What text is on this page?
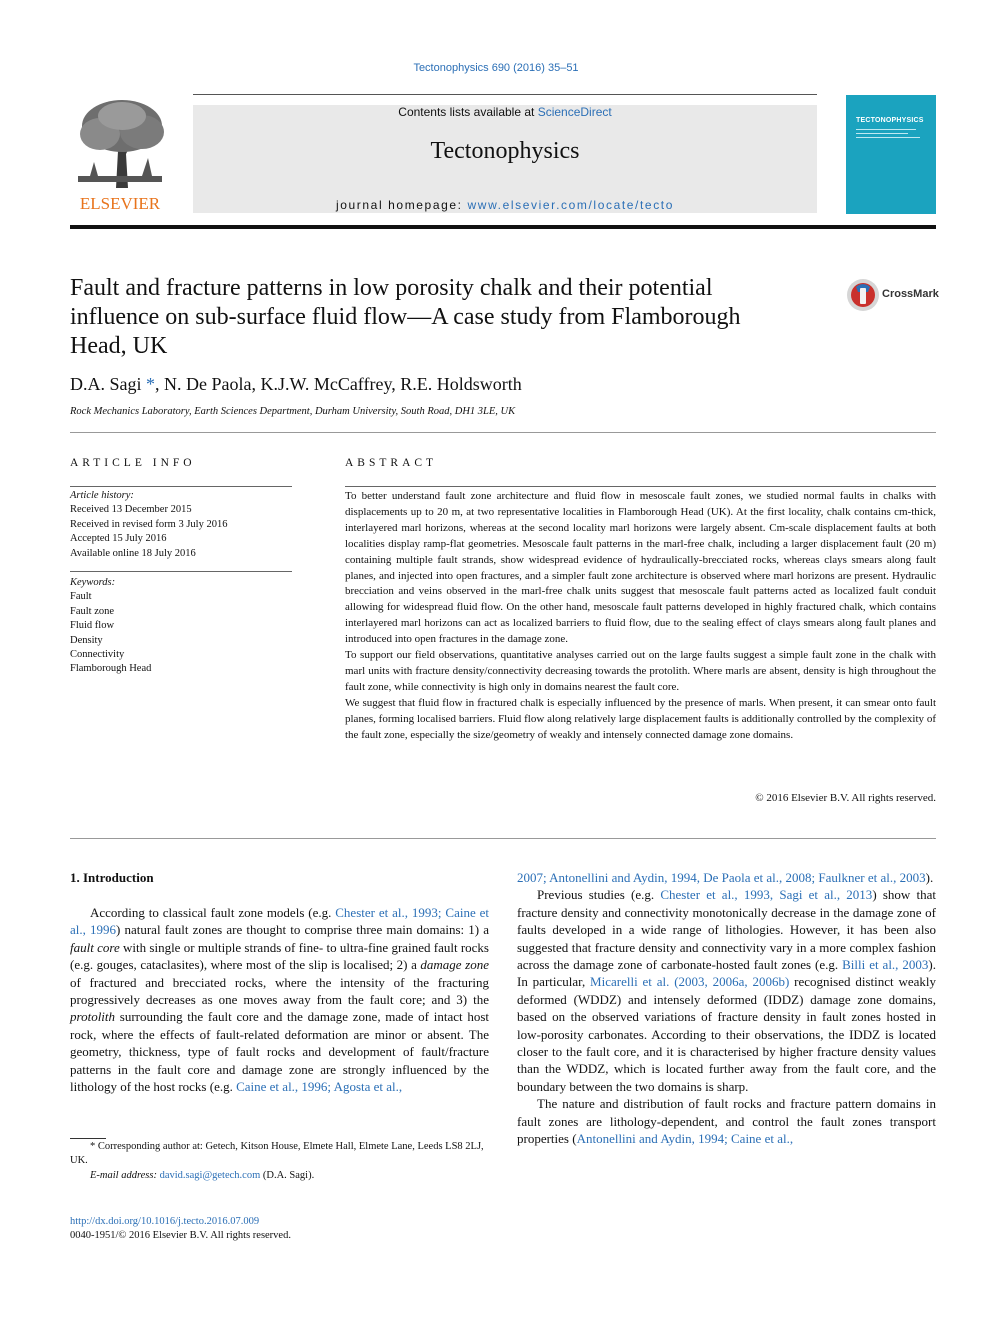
Tectonophysics 690 (2016) 35–51
ELSEVIER
Contents lists available at ScienceDirect
Tectonophysics
journal homepage: www.elsevier.com/locate/tecto
TECTONOPHYSICS
Fault and fracture patterns in low porosity chalk and their potential influence on sub-surface fluid flow—A case study from Flamborough Head, UK
CrossMark
D.A. Sagi *, N. De Paola, K.J.W. McCaffrey, R.E. Holdsworth
Rock Mechanics Laboratory, Earth Sciences Department, Durham University, South Road, DH1 3LE, UK
ARTICLE INFO
Article history:
Received 13 December 2015
Received in revised form 3 July 2016
Accepted 15 July 2016
Available online 18 July 2016
Keywords:
Fault
Fault zone
Fluid flow
Density
Connectivity
Flamborough Head
ABSTRACT

To better understand fault zone architecture and fluid flow in mesoscale fault zones, we studied normal faults in chalks with displacements up to 20 m, at two representative localities in Flamborough Head (UK). At the first locality, chalk contains cm-thick, interlayered marl horizons, whereas at the second locality marl horizons were largely absent. Cm-scale displacement faults at both localities display ramp-flat geometries. Mesoscale fault patterns in the marl-free chalk, including a larger displacement fault (20 m) containing multiple fault strands, show widespread evidence of hydraulically-brecciated rocks, whereas clays smears along fault planes, and injected into open fractures, and a simpler fault zone architecture is observed where marl horizons are present. Hydraulic brecciation and veins observed in the marl-free chalk units suggest that mesoscale fault patterns acted as localized fault conduit allowing for widespread fluid flow. On the other hand, mesoscale fault patterns developed in highly fractured chalk, which contains interlayered marl horizons can act as localized barriers to fluid flow, due to the sealing effect of clays smears along fault planes and introduced into open fractures in the damage zone.

To support our field observations, quantitative analyses carried out on the large faults suggest a simple fault zone in the chalk with marl units with fracture density/connectivity decreasing towards the protolith. Where marls are absent, density is high throughout the fault zone, while connectivity is high only in domains nearest the fault core.

We suggest that fluid flow in fractured chalk is especially influenced by the presence of marls. When present, it can smear onto fault planes, forming localised barriers. Fluid flow along relatively large displacement faults is additionally controlled by the complexity of the fault zone, especially the size/geometry of weakly and intensely connected damage zone domains.

© 2016 Elsevier B.V. All rights reserved.
1. Introduction

According to classical fault zone models (e.g. Chester et al., 1993; Caine et al., 1996) natural fault zones are thought to comprise three main domains: 1) a fault core with single or multiple strands of fine- to ultra-fine grained fault rocks (e.g. gouges, cataclasites), where most of the slip is localised; 2) a damage zone of fractured and brecciated rocks, where the intensity of the fracturing progressively decreases as one moves away from the fault core; and 3) the protolith surrounding the fault core and the damage zone, made of intact host rock, where the effects of fault-related deformation are minor or absent. The geometry, thickness, type of fault rocks and development of fault/fracture patterns in the fault core and damage zone are strongly influenced by the lithology of the host rocks (e.g. Caine et al., 1996; Agosta et al.,

2007; Antonellini and Aydin, 1994, De Paola et al., 2008; Faulkner et al., 2003).

Previous studies (e.g. Chester et al., 1993, Sagi et al., 2013) show that fracture density and connectivity monotonically decrease in the damage zone of faults developed in a wide range of lithologies. However, it has been also suggested that fracture density and connectivity vary in a more complex fashion across the damage zone of carbonate-hosted fault zones (e.g. Billi et al., 2003). In particular, Micarelli et al. (2003, 2006a, 2006b) recognised distinct weakly deformed (WDDZ) and intensely deformed (IDDZ) damage zone domains, based on the observed variations of fracture density in fault zones hosted in low-porosity carbonates. According to their observations, the IDDZ is located closer to the fault core, and it is characterised by higher fracture density values than the WDDZ, which is located further away from the fault core, and the boundary between the two domains is sharp.

The nature and distribution of fault rocks and fracture pattern domains in fault zones are lithology-dependent, and control the fault zones transport properties (Antonellini and Aydin, 1994; Caine et al.,

* Corresponding author at: Getech, Kitson House, Elmete Hall, Elmete Lane, Leeds LS8 2LJ, UK.

E-mail address: david.sagi@getech.com (D.A. Sagi).

http://dx.doi.org/10.1016/j.tecto.2016.07.009
0040-1951/© 2016 Elsevier B.V. All rights reserved.
